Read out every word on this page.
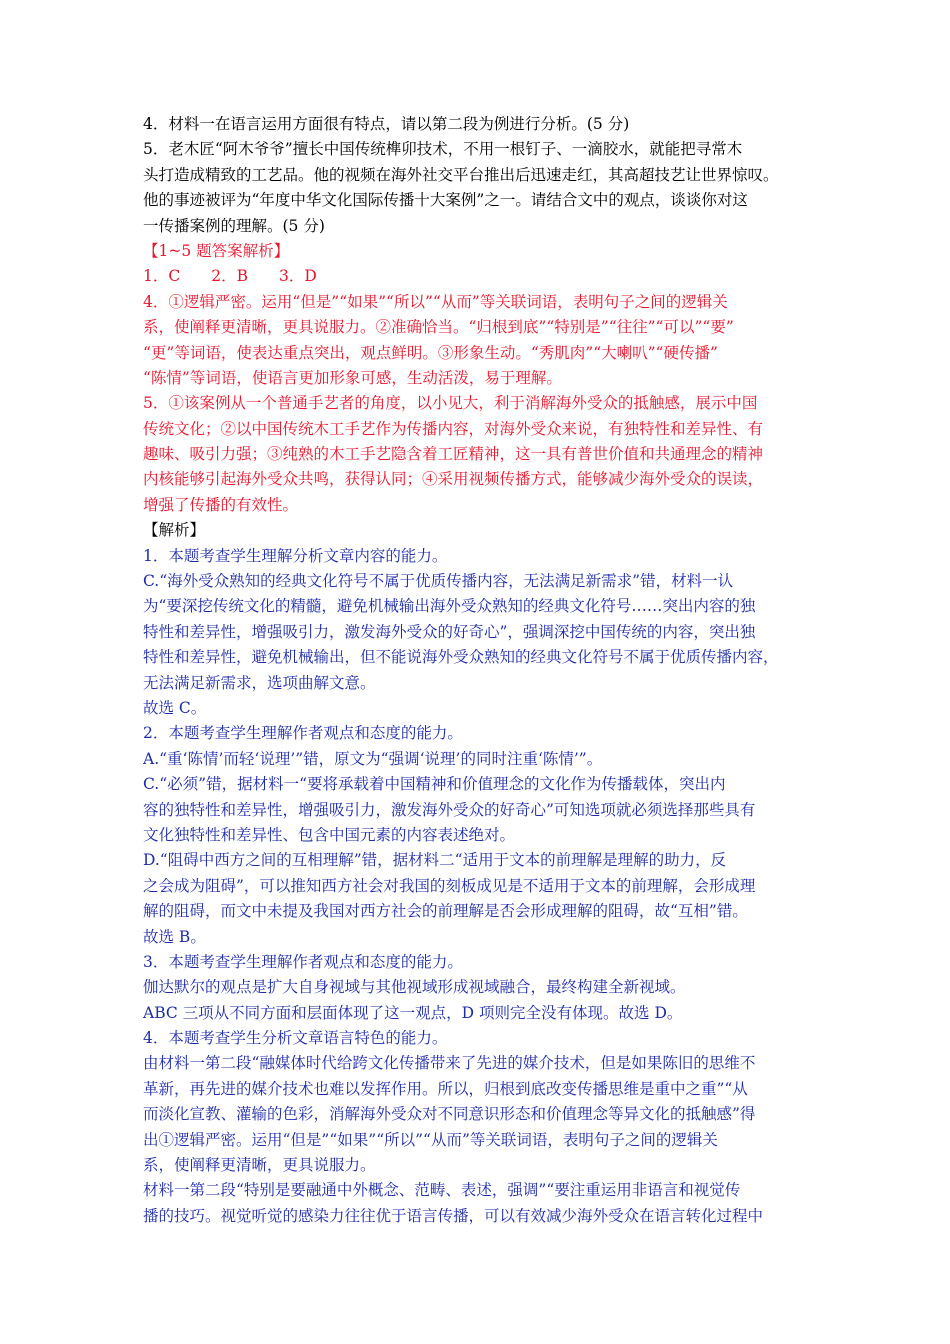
4．材料一在语言运用方面很有特点，请以第二段为例进行分析。(5 分)
5．老木匠“阿木爷爷”擅长中国传统榫卯技术，不用一根钉子、一滴胶水，就能把寻常木
头打造成精致的工艺品。他的视频在海外社交平台推出后迅速走红，其高超技艺让世界惊叹。
他的事迹被评为“年度中华文化国际传播十大案例”之一。请结合文中的观点，谈谈你对这
一传播案例的理解。(5 分)
【1~5 题答案解析】
1．C　　2．B　　3．D
4．①逻辑严密。运用“但是”“如果”“所以”“从而”等关联词语，表明句子之间的逻辑关
系，使阐释更清晰，更具说服力。②准确恰当。“归根到底”“特别是”“往往”“可以”“要”
“更”等词语，使表达重点突出，观点鲜明。③形象生动。“秀肌肉”“大喇叭”“硬传播”
“陈情”等词语，使语言更加形象可感，生动活泼，易于理解。
5．①该案例从一个普通手艺者的角度，以小见大，利于消解海外受众的抵触感，展示中国
传统文化；②以中国传统木工手艺作为传播内容，对海外受众来说，有独特性和差异性、有
趣味、吸引力强；③纯熟的木工手艺隐含着工匠精神，这一具有普世价值和共通理念的精神
内核能够引起海外受众共鸣，获得认同；④采用视频传播方式，能够减少海外受众的误读，
增强了传播的有效性。
【解析】
1．本题考查学生理解分析文章内容的能力。
C.“海外受众熟知的经典文化符号不属于优质传播内容，无法满足新需求”错，材料一认
为“要深挖传统文化的精髓，避免机械输出海外受众熟知的经典文化符号……突出内容的独
特性和差异性，增强吸引力，激发海外受众的好奇心”，强调深挖中国传统的内容，突出独
特性和差异性，避免机械输出，但不能说海外受众熟知的经典文化符号不属于优质传播内容，
无法满足新需求，选项曲解文意。
故选 C。
2．本题考查学生理解作者观点和态度的能力。
A.“重‘陈情’而轻‘说理’”错，原文为“强调‘说理’的同时注重‘陈情’”。
C.“必须”错，据材料一“要将承载着中国精神和价值理念的文化作为传播载体，突出内
容的独特性和差异性，增强吸引力，激发海外受众的好奇心”可知选项就必须选择那些具有
文化独特性和差异性、包含中国元素的内容表述绝对。
D.“阻碍中西方之间的互相理解”错，据材料二“适用于文本的前理解是理解的助力，反
之会成为阻碍”，可以推知西方社会对我国的刻板成见是不适用于文本的前理解，会形成理
解的阻碍，而文中未提及我国对西方社会的前理解是否会形成理解的阻碍，故“互相”错。
故选 B。
3．本题考查学生理解作者观点和态度的能力。
伽达默尔的观点是扩大自身视域与其他视域形成视域融合，最终构建全新视域。
ABC 三项从不同方面和层面体现了这一观点，D 项则完全没有体现。故选 D。
4．本题考查学生分析文章语言特色的能力。
由材料一第二段“融媒体时代给跨文化传播带来了先进的媒介技术，但是如果陈旧的思维不
革新，再先进的媒介技术也难以发挥作用。所以，归根到底改变传播思维是重中之重”“从
而淡化宣教、灌输的色彩，消解海外受众对不同意识形态和价值理念等异文化的抵触感”得
出①逻辑严密。运用“但是”“如果”“所以”“从而”等关联词语，表明句子之间的逻辑关
系，使阐释更清晰，更具说服力。
材料一第二段“特别是要融通中外概念、范畴、表述，强调”“要注重运用非语言和视觉传
播的技巧。视觉听觉的感染力往往优于语言传播，可以有效减少海外受众在语言转化过程中
